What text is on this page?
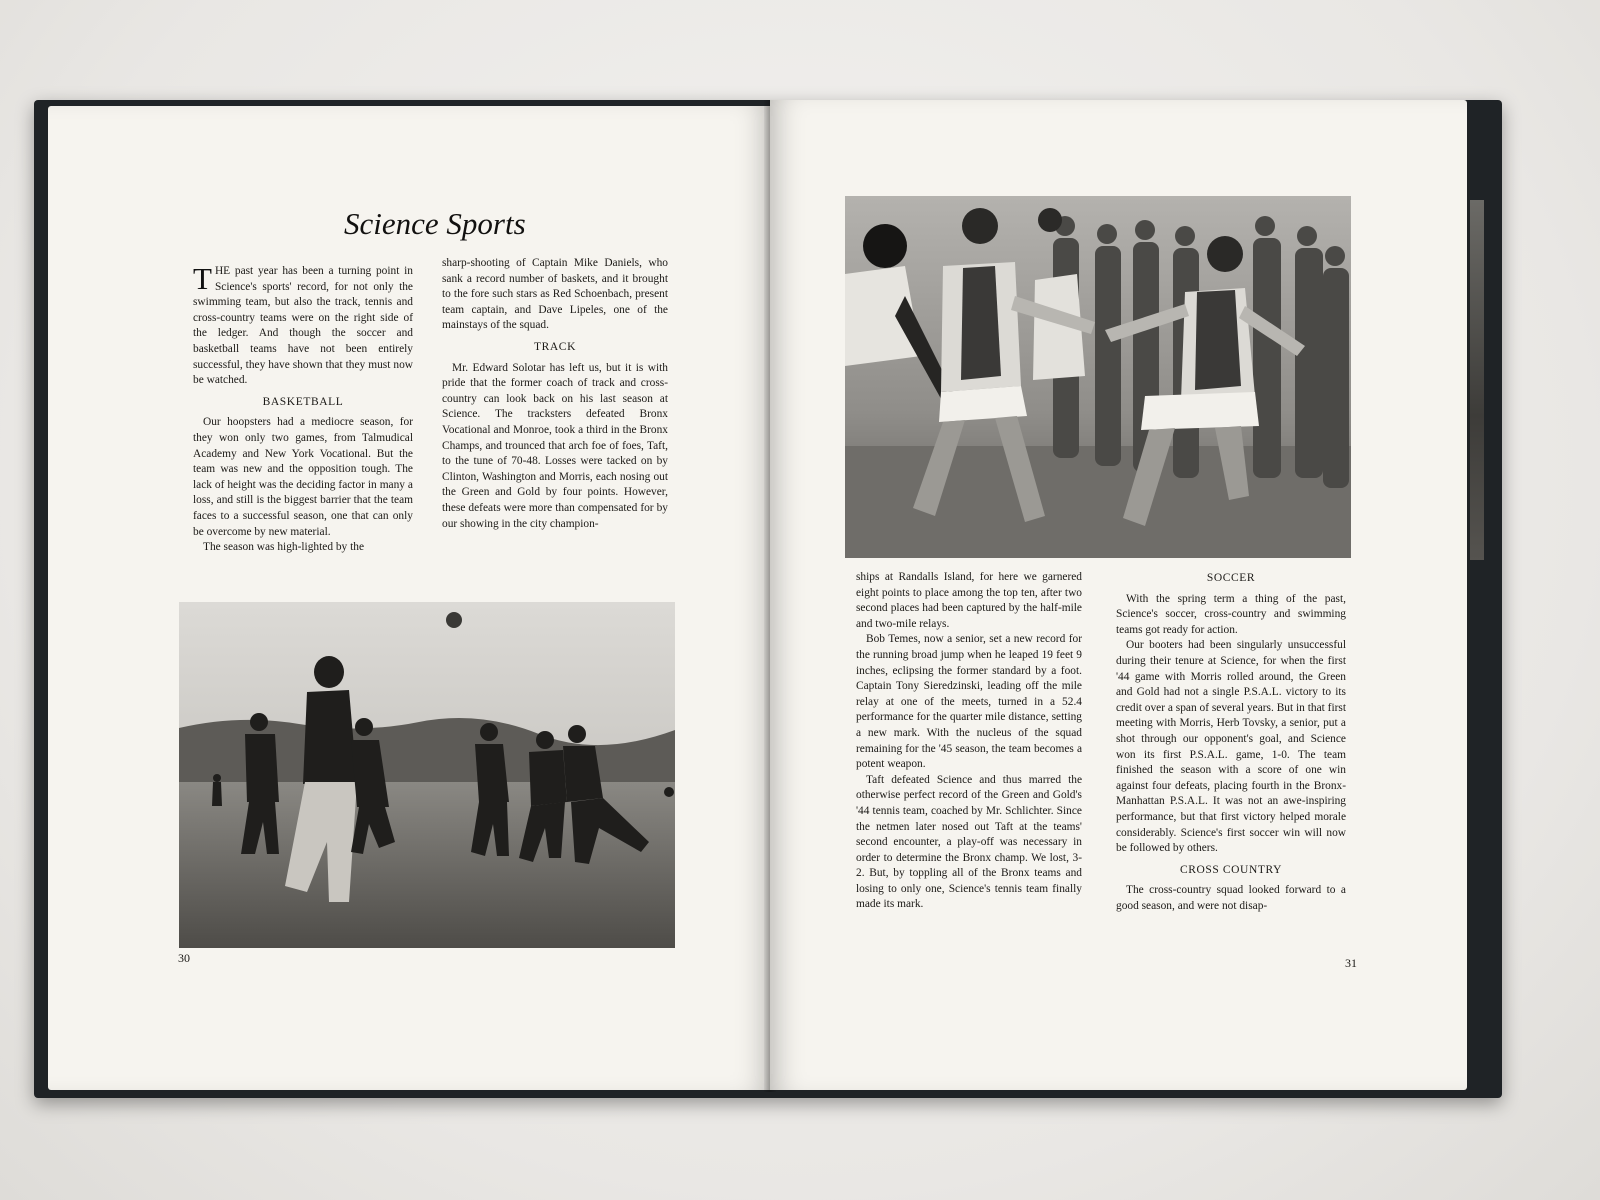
Science Sports

THE past year has been a turning point in Science's sports' record, for not only the swimming team, but also the track, tennis and cross-country teams were on the right side of the ledger. And though the soccer and basketball teams have not been entirely successful, they have shown that they must now be watched.

BASKETBALL

Our hoopsters had a mediocre season, for they won only two games, from Talmudical Academy and New York Vocational. But the team was new and the opposition tough. The lack of height was the deciding factor in many a loss, and still is the biggest barrier that the team faces to a successful season, one that can only be overcome by new material.

The season was high-lighted by the

sharp-shooting of Captain Mike Daniels, who sank a record number of baskets, and it brought to the fore such stars as Red Schoenbach, present team captain, and Dave Lipeles, one of the mainstays of the squad.

TRACK

Mr. Edward Solotar has left us, but it is with pride that the former coach of track and cross-country can look back on his last season at Science. The tracksters defeated Bronx Vocational and Monroe, took a third in the Bronx Champs, and trounced that arch foe of foes, Taft, to the tune of 70-48. Losses were tacked on by Clinton, Washington and Morris, each nosing out the Green and Gold by four points. However, these defeats were more than compensated for by our showing in the city champion-

30

ships at Randalls Island, for here we garnered eight points to place among the top ten, after two second places had been captured by the half-mile and two-mile relays.

Bob Temes, now a senior, set a new record for the running broad jump when he leaped 19 feet 9 inches, eclipsing the former standard by a foot. Captain Tony Sieredzinski, leading off the mile relay at one of the meets, turned in a 52.4 performance for the quarter mile distance, setting a new mark. With the nucleus of the squad remaining for the '45 season, the team becomes a potent weapon.

Taft defeated Science and thus marred the otherwise perfect record of the Green and Gold's '44 tennis team, coached by Mr. Schlichter. Since the netmen later nosed out Taft at the teams' second encounter, a play-off was necessary in order to determine the Bronx champ. We lost, 3-2. But, by toppling all of the Bronx teams and losing to only one, Science's tennis team finally made its mark.

SOCCER

With the spring term a thing of the past, Science's soccer, cross-country and swimming teams got ready for action.

Our booters had been singularly unsuccessful during their tenure at Science, for when the first '44 game with Morris rolled around, the Green and Gold had not a single P.S.A.L. victory to its credit over a span of several years. But in that first meeting with Morris, Herb Tovsky, a senior, put a shot through our opponent's goal, and Science won its first P.S.A.L. game, 1-0. The team finished the season with a score of one win against four defeats, placing fourth in the Bronx-Manhattan P.S.A.L. It was not an awe-inspiring performance, but that first victory helped morale considerably. Science's first soccer win will now be followed by others.

CROSS COUNTRY

The cross-country squad looked forward to a good season, and were not disap-

31
